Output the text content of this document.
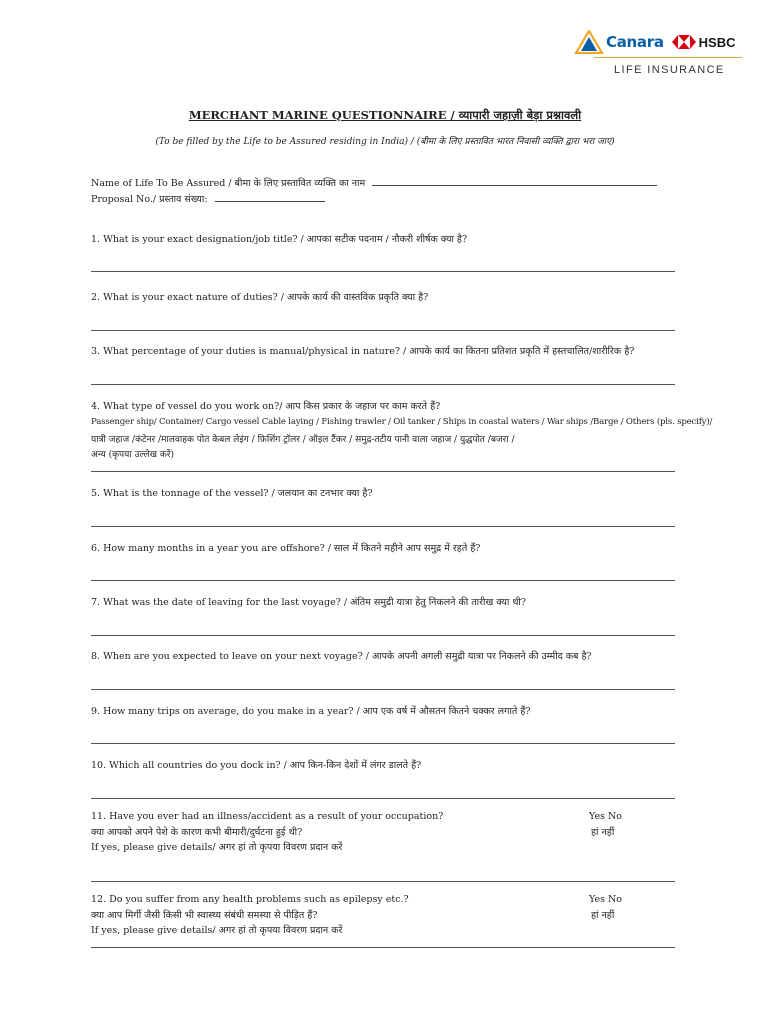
Canara	HSBC
LIFE INSURANCE
MERCHANT MARINE QUESTIONNAIRE / व्यापारी जहाज़ी बेड़ा प्रश्नावली
(To be filled by the Life to be Assured residing in India) / (बीमा के लिए प्रस्तावित भारत निवासी व्यक्ति द्वारा भरा जाए)
Name of Life To Be Assured / बीमा के लिए प्रस्तावित व्यक्ति का नाम
Proposal No./ प्रस्ताव संख्या:
1. What is your exact designation/job title? / आपका सटीक पदनाम / नौकरी शीर्षक क्या है?
2. What is your exact nature of duties? / आपके कार्य की वास्तविक प्रकृति क्या है?
3. What percentage of your duties is manual/physical in nature? / आपके कार्य का कितना प्रतिशत प्रकृति में हस्तचालित/शारीरिक है?
4. What type of vessel do you work on?/ आप किस प्रकार के जहाज पर काम करते हैं?
Passenger ship/ Container/ Cargo vessel Cable laying / Fishing trawler / Oil tanker / Ships in coastal waters / War ships /Barge / Others (pls. specify)/
यात्री जहाज /कंटेनर /मालवाहक पोत केबल लेइंग / फ़िशिंग ट्रॉलर / ऑइल टैंकर / समुद्र-तटीय पानी वाला जहाज / युद्धपोत /बजरा /
अन्य (कृपया उल्लेख करें)
5. What is the tonnage of the vessel? / जलयान का टनभार क्या है?
6. How many months in a year you are offshore? / साल में कितने महीने आप समुद्र में रहते हैं?
7. What was the date of leaving for the last voyage? / अंतिम समुद्री यात्रा हेतु निकलने की तारीख क्या थी?
8. When are you expected to leave on your next voyage? / आपके अपनी अगली समुद्री यात्रा पर निकलने की उम्मीद कब है?
9. How many trips on average, do you make in a year? / आप एक वर्ष में औसतन कितने चक्कर लगाते हैं?
10. Which all countries do you dock in? / आप किन-किन देशों में लंगर डालते हैं?
11. Have you ever had an illness/accident as a result of your occupation?
क्या आपको अपने पेशे के कारण कभी बीमारी/दुर्घटना हुई थी?
If yes, please give details/ अगर हां तो कृपया विवरण प्रदान करें
Yes No
हां नहीं
12. Do you suffer from any health problems such as epilepsy etc.?
क्या आप मिर्गी जैसी किसी भी स्वास्थ्य संबंधी समस्या से पीड़ित हैं?
If yes, please give details/ अगर हां तो कृपया विवरण प्रदान करें
Yes No
हां नहीं
